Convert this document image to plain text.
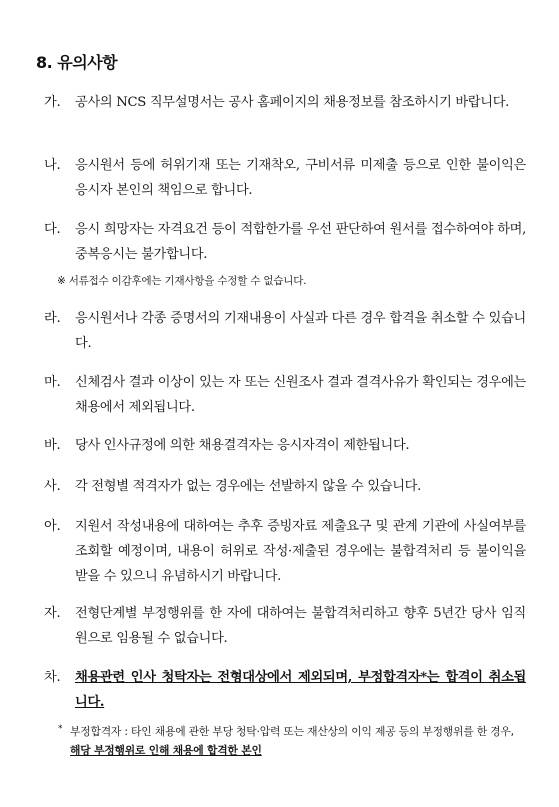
8. 유의사항
가.	공사의 NCS 직무설명서는 공사 홈페이지의 채용정보를 참조하시기 바랍니다.
나.	응시원서 등에 허위기재 또는 기재착오, 구비서류 미제출 등으로 인한 불이익은 응시자 본인의 책임으로 합니다.
다.	응시 희망자는 자격요건 등이 적합한가를 우선 판단하여 원서를 접수하여야 하며, 중복응시는 불가합니다.
※ 서류접수 이감후에는 기재사항을 수정할 수 없습니다.
라.	응시원서나 각종 증명서의 기재내용이 사실과 다른 경우 합격을 취소할 수 있습니다.
마.	신체검사 결과 이상이 있는 자 또는 신원조사 결과 결격사유가 확인되는 경우에는 채용에서 제외됩니다.
바.	당사 인사규정에 의한 채용결격자는 응시자격이 제한됩니다.
사.	각 전형별 적격자가 없는 경우에는 선발하지 않을 수 있습니다.
아.	지원서 작성내용에 대하여는 추후 증빙자료 제출요구 및 관계 기관에 사실여부를 조회할 예정이며, 내용이 허위로 작성·제출된 경우에는 불합격처리 등 불이익을 받을 수 있으니 유념하시기 바랍니다.
자.	전형단계별 부정행위를 한 자에 대하여는 불합격처리하고 향후 5년간 당사 임직원으로 임용될 수 없습니다.
차.	채용관련 인사 청탁자는 전형대상에서 제외되며, 부정합격자*는 합격이 취소됩니다.
* 부정합격자 : 타인 채용에 관한 부당 청탁·압력 또는 재산상의 이익 제공 등의 부정행위를 한 경우, 해당 부정행위로 인해 채용에 합격한 본인
